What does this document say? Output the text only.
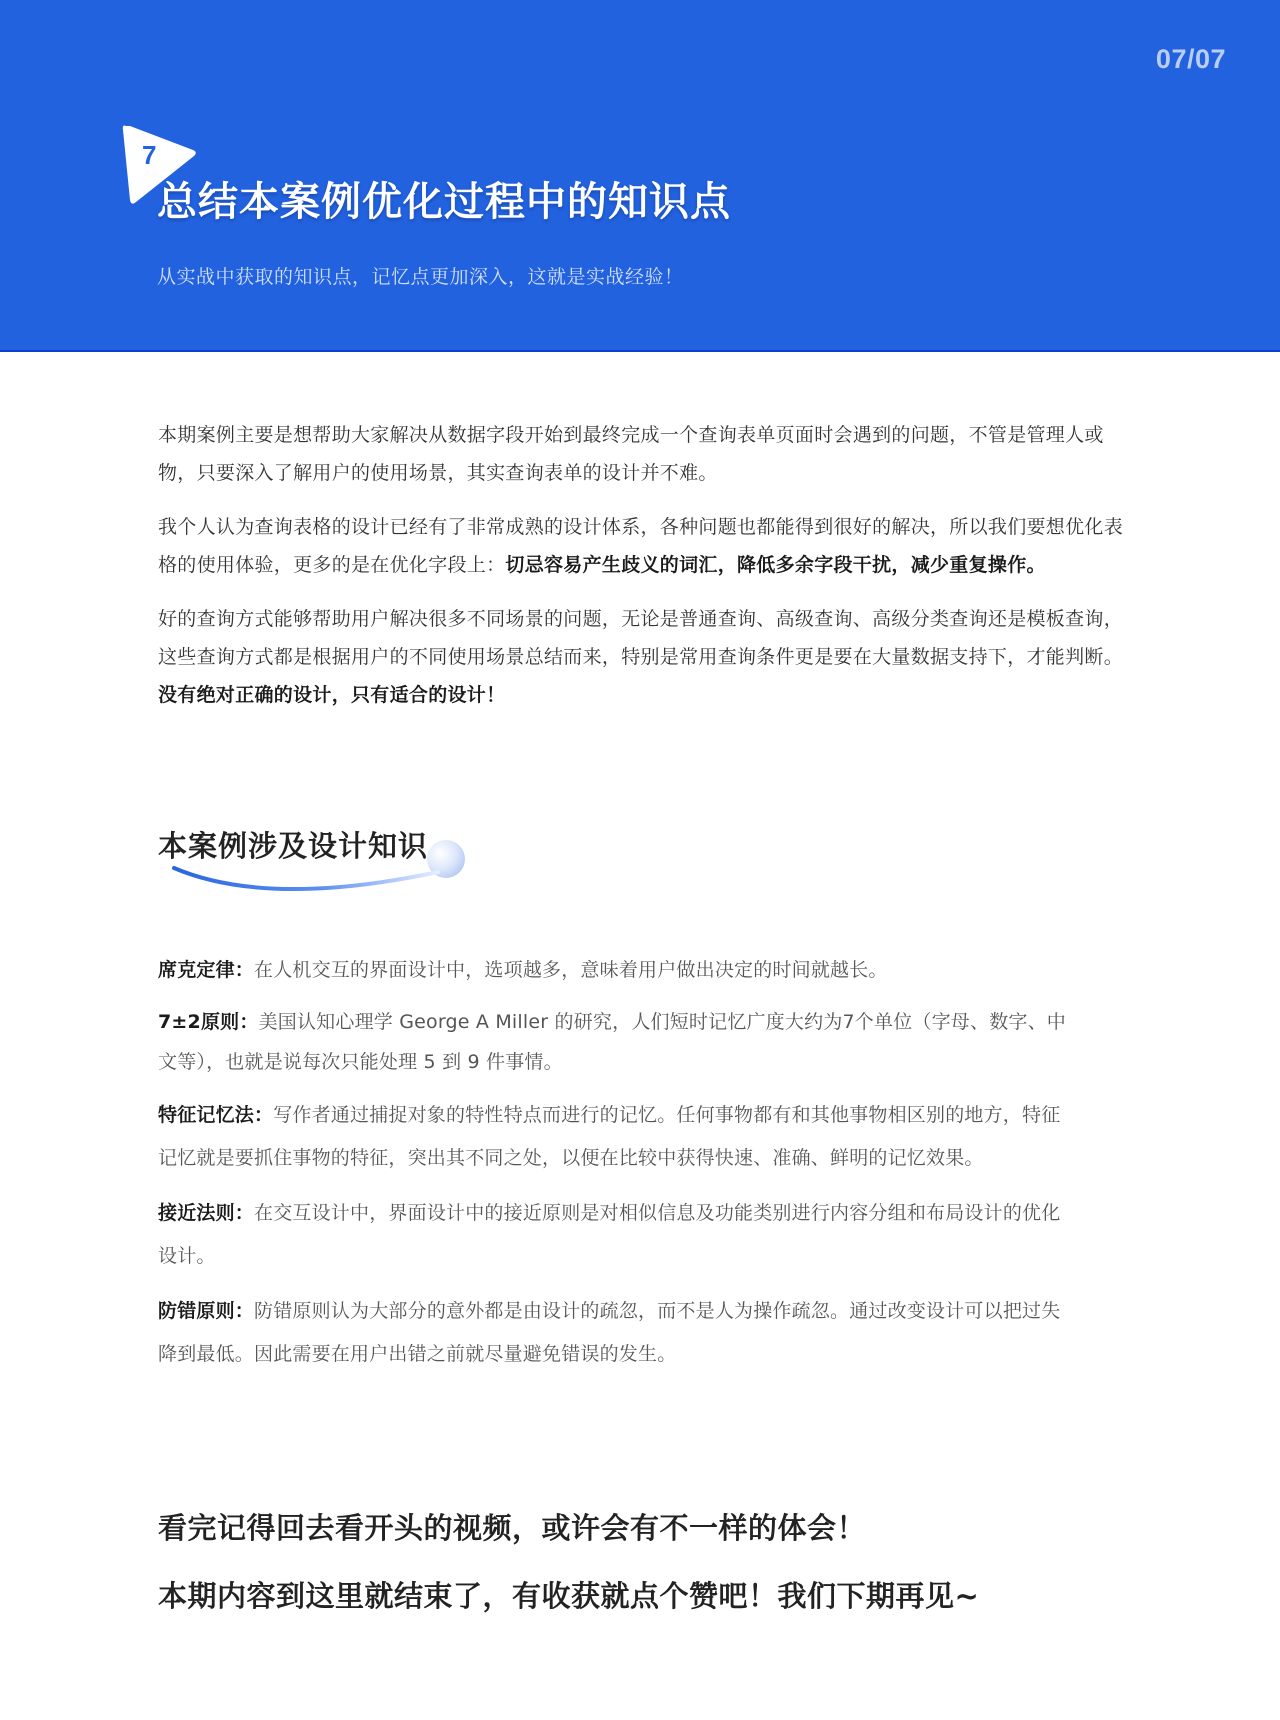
07/07
7
总结本案例优化过程中的知识点
从实战中获取的知识点，记忆点更加深入，这就是实战经验！

本期案例主要是想帮助大家解决从数据字段开始到最终完成一个查询表单页面时会遇到的问题，不管是管理人或物，只要深入了解用户的使用场景，其实查询表单的设计并不难。

我个人认为查询表格的设计已经有了非常成熟的设计体系，各种问题也都能得到很好的解决，所以我们要想优化表格的使用体验，更多的是在优化字段上：切忌容易产生歧义的词汇，降低多余字段干扰，减少重复操作。

好的查询方式能够帮助用户解决很多不同场景的问题，无论是普通查询、高级查询、高级分类查询还是模板查询，这些查询方式都是根据用户的不同使用场景总结而来，特别是常用查询条件更是要在大量数据支持下，才能判断。没有绝对正确的设计，只有适合的设计！

本案例涉及设计知识

席克定律：在人机交互的界面设计中，选项越多，意味着用户做出决定的时间就越长。

7±2原则：美国认知心理学 George A Miller 的研究，人们短时记忆广度大约为7个单位（字母、数字、中文等），也就是说每次只能处理 5 到 9 件事情。

特征记忆法：写作者通过捕捉对象的特性特点而进行的记忆。任何事物都有和其他事物相区别的地方，特征记忆就是要抓住事物的特征，突出其不同之处，以便在比较中获得快速、准确、鲜明的记忆效果。

接近法则：在交互设计中，界面设计中的接近原则是对相似信息及功能类别进行内容分组和布局设计的优化设计。

防错原则：防错原则认为大部分的意外都是由设计的疏忽，而不是人为操作疏忽。通过改变设计可以把过失降到最低。因此需要在用户出错之前就尽量避免错误的发生。

看完记得回去看开头的视频，或许会有不一样的体会！
本期内容到这里就结束了，有收获就点个赞吧！我们下期再见~
